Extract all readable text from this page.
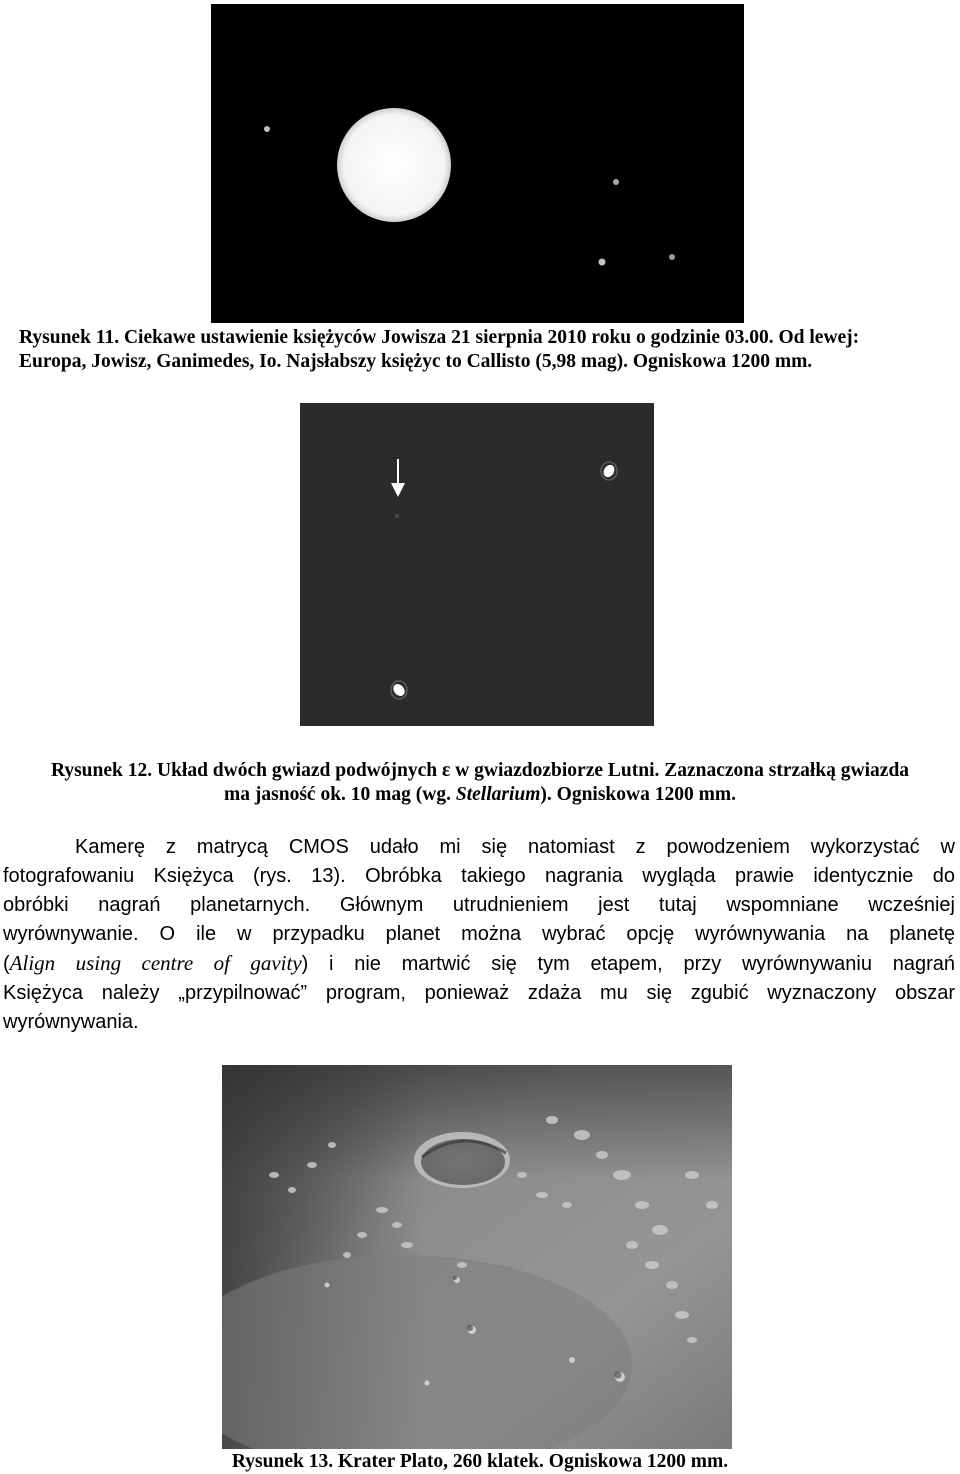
Rysunek 11. Ciekawe ustawienie księżyców Jowisza 21 sierpnia 2010 roku o godzinie 03.00. Od lewej:
Europa, Jowisz, Ganimedes, Io. Najsłabszy księżyc to Callisto (5,98 mag). Ogniskowa 1200 mm.
Rysunek 12. Układ dwóch gwiazd podwójnych ε w gwiazdozbiorze Lutni. Zaznaczona strzałką gwiazda
ma jasność ok. 10 mag (wg. Stellarium). Ogniskowa 1200 mm.
Kamerę z matrycą CMOS udało mi się natomiast z powodzeniem wykorzystać w
fotografowaniu Księżyca (rys. 13). Obróbka takiego nagrania wygląda prawie identycznie do
obróbki nagrań planetarnych. Głównym utrudnieniem jest tutaj wspomniane wcześniej
wyrównywanie. O ile w przypadku planet można wybrać opcję wyrównywania na planetę
(Align using centre of gavity) i nie martwić się tym etapem, przy wyrównywaniu nagrań
Księżyca należy „przypilnować” program, ponieważ zdaża mu się zgubić wyznaczony obszar
wyrównywania.
Rysunek 13. Krater Plato, 260 klatek. Ogniskowa 1200 mm.
